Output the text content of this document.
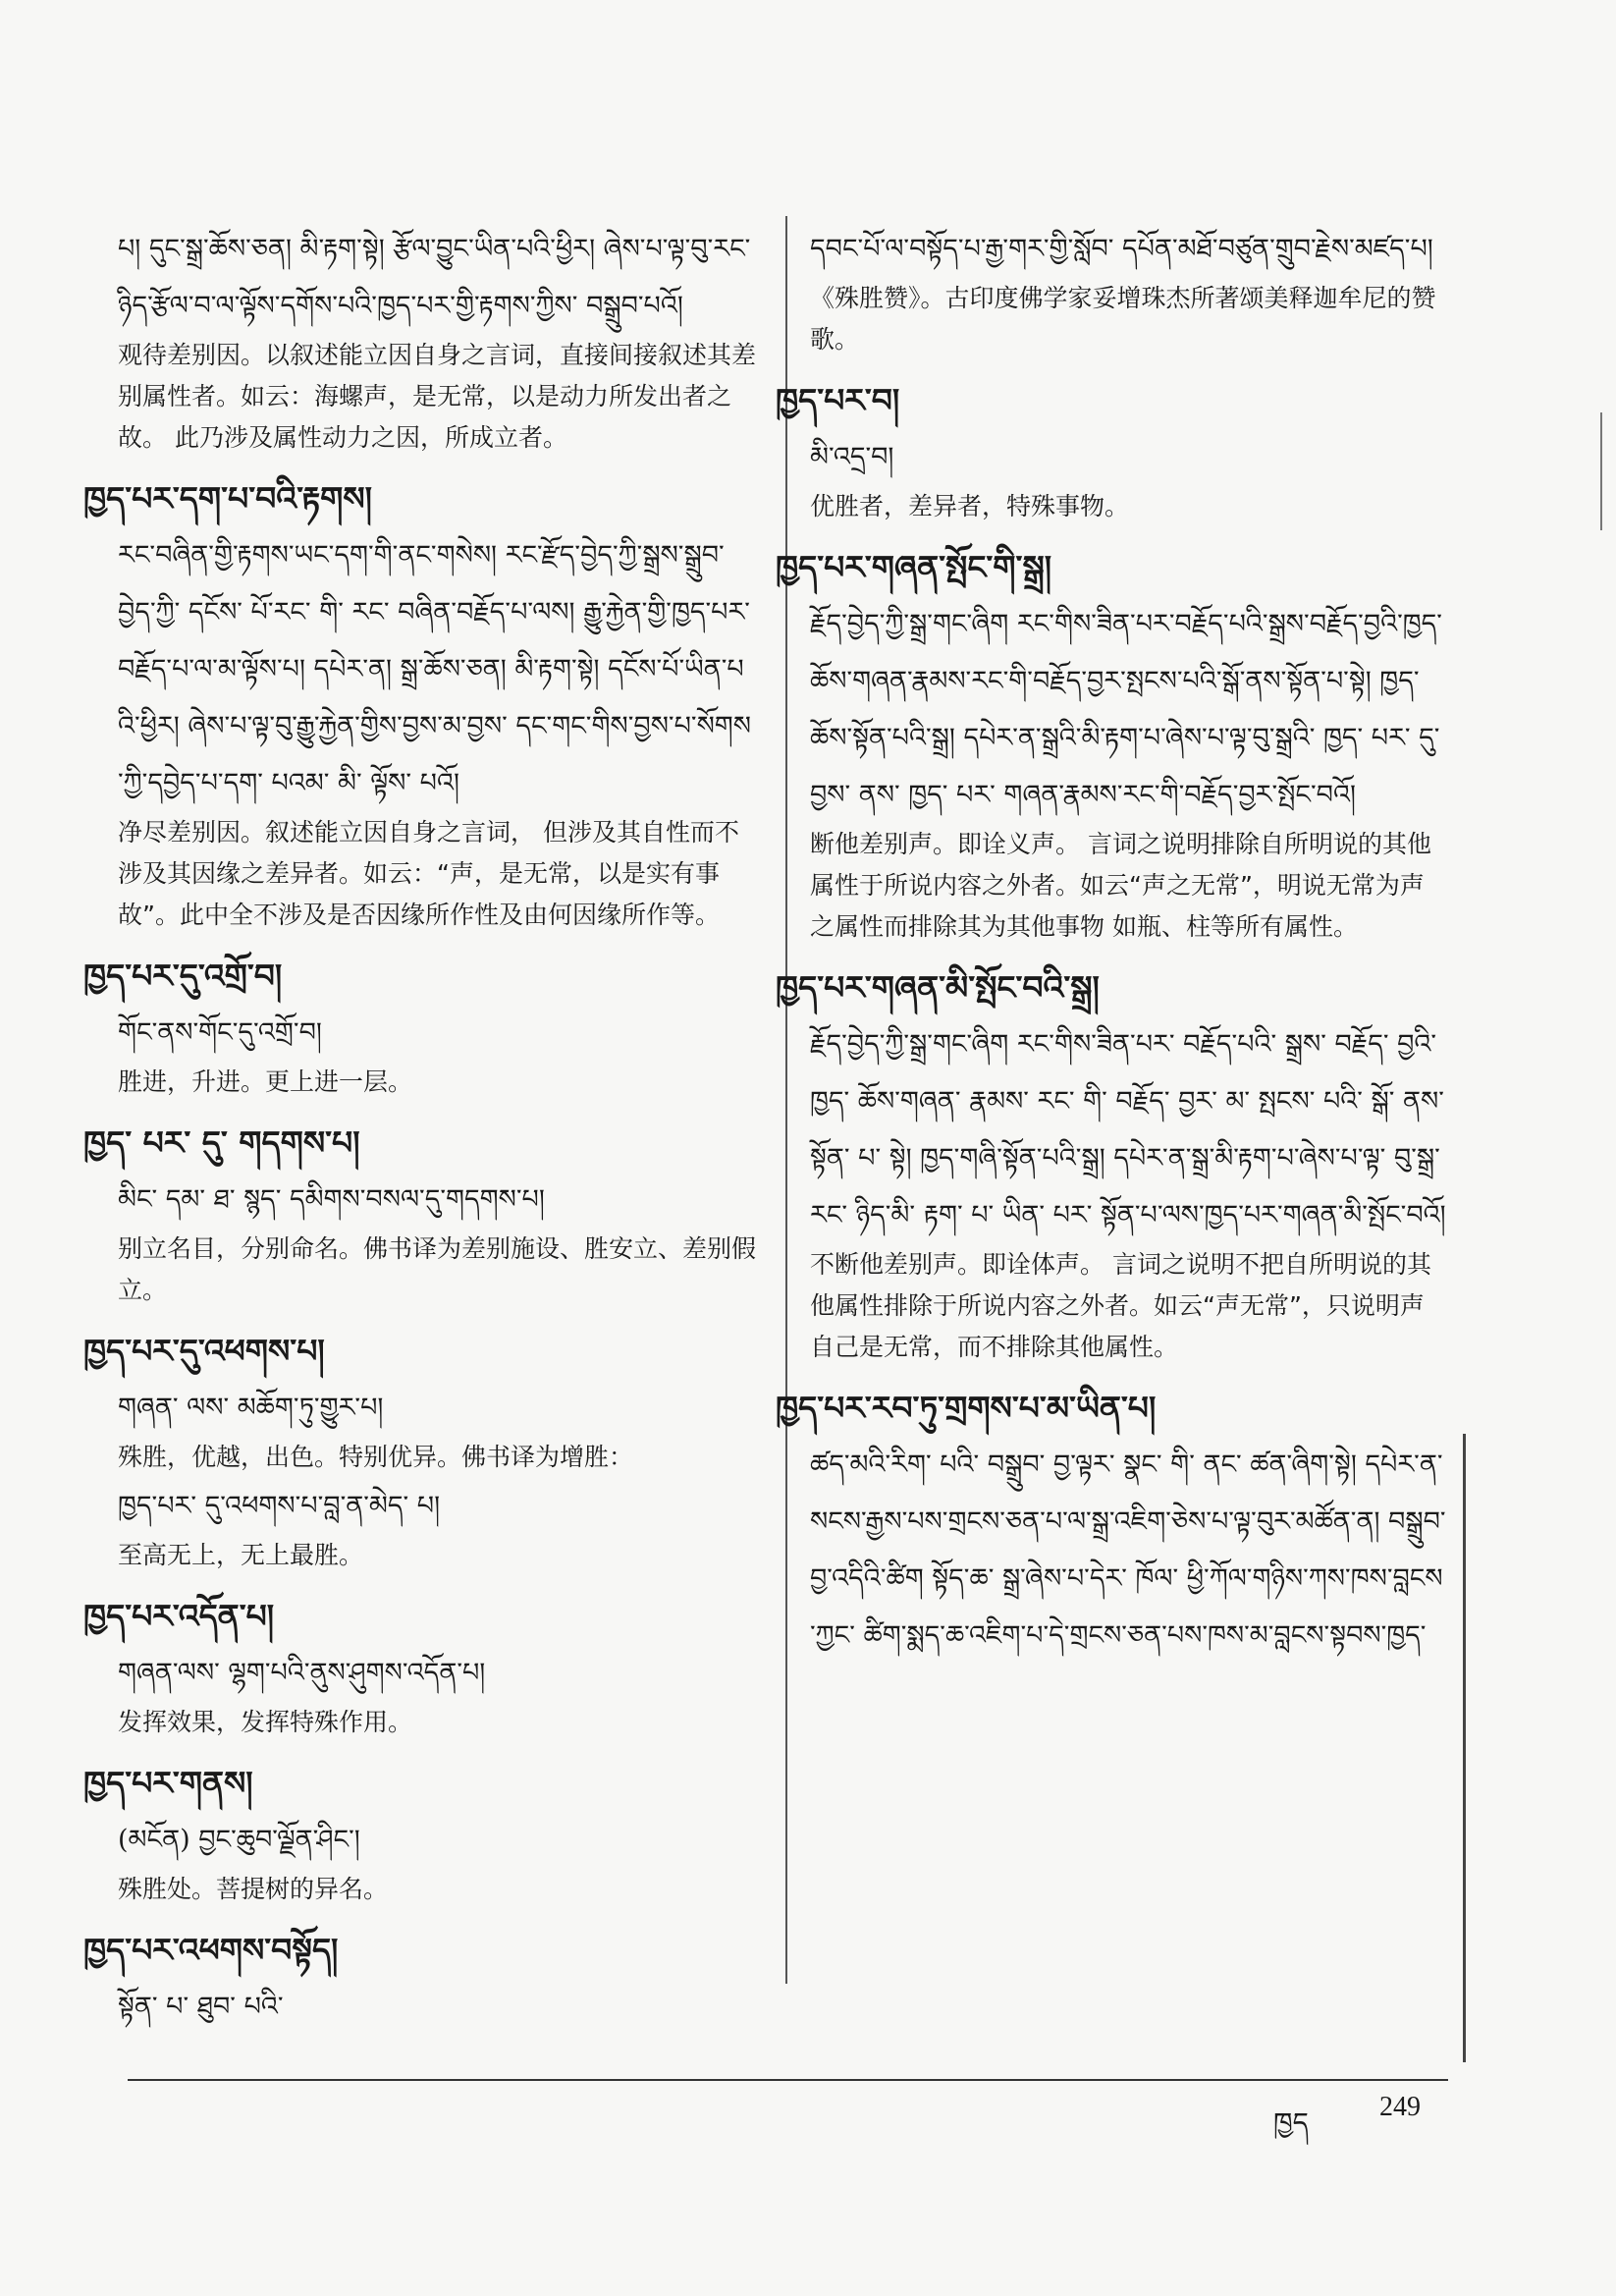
པ། དུང་སྒྲ་ཆོས་ཅན། མི་རྟག་སྟེ། རྩོལ་བྱུང་ཡིན་པའི་ཕྱིར། ཞེས་པ་ལྟ་བུ་རང་ཉིད་རྩོལ་བ་ལ་ལྟོས་དགོས་པའི་ཁྱད་པར་གྱི་རྟགས་ཀྱིས་ བསྒྲུབ་པའོ།
观待差别因。以叙述能立因自身之言词，直接间接叙述其差别属性者。如云：海螺声，是无常，以是动力所发出者之故。 此乃涉及属性动力之因，所成立者。
ཁྱད་པར་དག་པ་བའི་རྟགས།
རང་བཞིན་གྱི་རྟགས་ཡང་དག་གི་ནང་གསེས། རང་རྫོད་བྱེད་ཀྱི་སྒྲས་སྒྲུབ་ བྱེད་ཀྱི་ དངོས་ པོ་རང་ གི་ རང་ བཞིན་བརྗོད་པ་ལས། རྒྱུ་རྐྱེན་གྱི་ཁྱད་པར་བརྗོད་པ་ལ་མ་ལྟོས་པ། དཔེར་ན། སྒྲ་ཆོས་ཅན། མི་རྟག་སྟེ། དངོས་པོ་ཡིན་པའི་ཕྱིར། ཞེས་པ་ལྟ་བུ་རྒྱུ་རྐྱེན་གྱིས་བྱས་མ་བྱས་ དང་གང་གིས་བྱས་པ་སོགས་ཀྱི་དབྱེད་པ་དག་ པའམ་ མི་ ལྟོས་ པའོ།
净尽差别因。叙述能立因自身之言词， 但涉及其自性而不涉及其因缘之差异者。如云：“声，是无常，以是实有事故”。此中全不涉及是否因缘所作性及由何因缘所作等。
ཁྱད་པར་དུ་འགྲོ་བ།
གོང་ནས་གོང་དུ་འགྲོ་བ།
胜进，升进。更上进一层。
ཁྱད་ པར་ དུ་ གདགས་པ།
མིང་ དམ་ ཐ་ སྙད་ དམིགས་བསལ་དུ་གདགས་པ།
别立名目，分别命名。佛书译为差别施设、胜安立、差别假立。
ཁྱད་པར་དུ་འཕགས་པ།
གཞན་ ལས་ མཆོག་ཏུ་གྱུར་པ།
殊胜，优越，出色。特别优异。佛书译为增胜：
ཁྱད་པར་ དུ་འཕགས་པ་བླ་ན་མེད་ པ།
至高无上，无上最胜。
ཁྱད་པར་འདོན་པ།
གཞན་ལས་ ལྷག་པའི་ནུས་ཤུགས་འདོན་པ།
发挥效果，发挥特殊作用。
ཁྱད་པར་གནས།
(མངོན) བྱང་ཆུབ་ལྗོན་ཤིང་།
殊胜处。菩提树的异名。
ཁྱད་པར་འཕགས་བསྟོད།
སྟོན་ པ་ ཐུབ་ པའི་
དབང་པོ་ལ་བསྟོད་པ་རྒྱ་གར་གྱི་སློབ་ དཔོན་མཐོ་བཙུན་གྲུབ་རྗེས་མཛད་པ།
《殊胜赞》。古印度佛学家妥增珠杰所著颂美释迦牟尼的赞歌。
ཁྱད་པར་བ།
མི་འདྲ་བ།
优胜者，差异者，特殊事物。
ཁྱད་པར་གཞན་སྤོང་གི་སྒྲ།
རྗོད་བྱེད་ཀྱི་སྒྲ་གང་ཞིག རང་གིས་ཟིན་པར་བརྗོད་པའི་སྒྲས་བརྗོད་བྱའི་ཁྱད་ཆོས་གཞན་རྣམས་རང་གི་བརྗོད་བྱར་སྤངས་པའི་སྒོ་ནས་སྟོན་པ་སྟེ། ཁྱད་ཆོས་སྟོན་པའི་སྒྲ། དཔེར་ན་སྒྲའི་མི་རྟག་པ་ཞེས་པ་ལྟ་བུ་སྒྲའི་ ཁྱད་ པར་ དུ་བྱས་ ནས་ ཁྱད་ པར་ གཞན་རྣམས་རང་གི་བརྗོད་བྱར་སྤོང་བའོ།
断他差别声。即诠义声。 言词之说明排除自所明说的其他属性于所说内容之外者。如云“声之无常”，明说无常为声之属性而排除其为其他事物 如瓶、柱等所有属性。
ཁྱད་པར་གཞན་མི་སྤོང་བའི་སྒྲ།
རྗོད་བྱེད་ཀྱི་སྒྲ་གང་ཞིག རང་གིས་ཟིན་པར་ བརྗོད་པའི་ སྒྲས་ བརྗོད་ བྱའི་ཁྱད་ ཆོས་གཞན་ རྣམས་ རང་ གི་ བརྗོད་ བྱར་ མ་ སྤངས་ པའི་ སྒོ་ ནས་ སྟོན་ པ་ སྟེ། ཁྱད་གཞི་སྟོན་པའི་སྒྲ། དཔེར་ན་སྒྲ་མི་རྟག་པ་ཞེས་པ་ལྟ་ བུ་སྒྲ་རང་ ཉིད་མི་ རྟག་ པ་ ཡིན་ པར་ སྟོན་པ་ལས་ཁྱད་པར་གཞན་མི་སྤོང་བའོ།
不断他差别声。即诠体声。 言词之说明不把自所明说的其他属性排除于所说内容之外者。如云“声无常”，只说明声自己是无常，而不排除其他属性。
ཁྱད་པར་རབ་ཏུ་གྲགས་པ་མ་ཡིན་པ།
ཚད་མའི་རིག་ པའི་ བསྒྲུབ་ བྱ་ལྟར་ སྣང་ གི་ ནང་ ཚན་ཞིག་སྟེ། དཔེར་ན་སངས་རྒྱས་པས་གྲངས་ཅན་པ་ལ་སྒྲ་འཇིག་ཅེས་པ་ལྟ་བུར་མཚོན་ན། བསྒྲུབ་བྱ་འདིའི་ཚིག སྟོད་ཆ་ སྒྲ་ཞེས་པ་དེར་ ཁོལ་ ཕྱི་ཀོལ་གཉིས་ཀས་ཁས་བླངས་ཀྱང་ ཚིག་སྨད་ཆ་འཇིག་པ་དེ་གྲངས་ཅན་པས་ཁས་མ་བླངས་སྟབས་ཁྱད་
ཁྱད	249
